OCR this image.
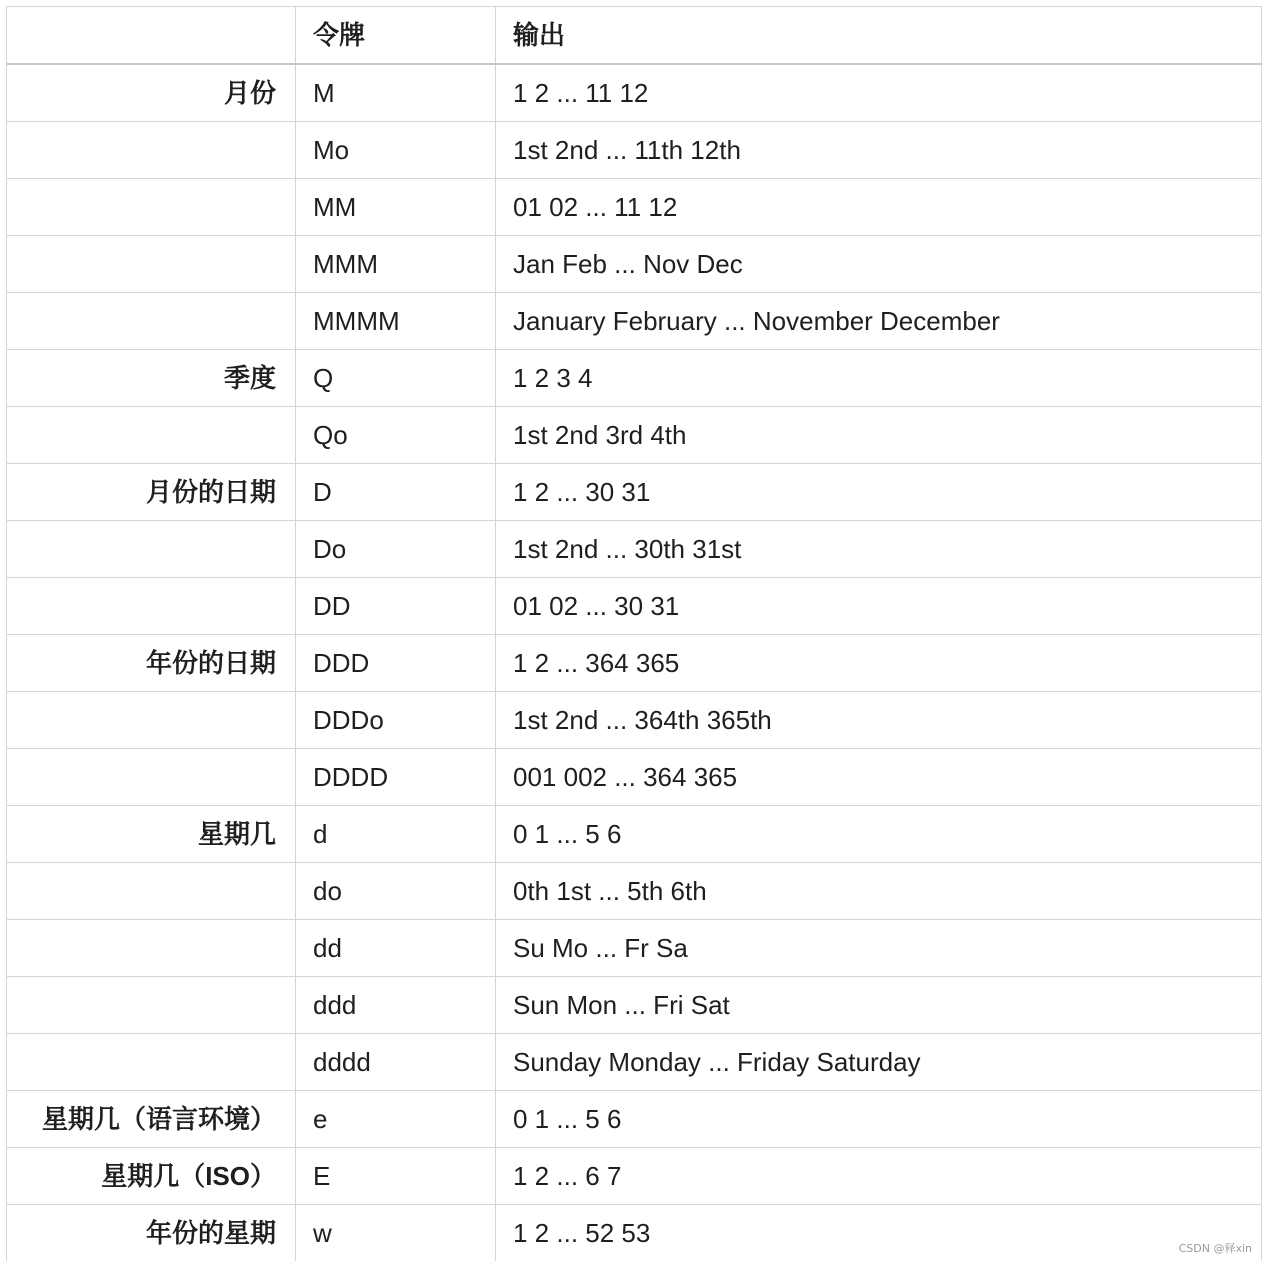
	令牌	输出
月份	M	1 2 ... 11 12
	Mo	1st 2nd ... 11th 12th
	MM	01 02 ... 11 12
	MMM	Jan Feb ... Nov Dec
	MMMM	January February ... November December
季度	Q	1 2 3 4
	Qo	1st 2nd 3rd 4th
月份的日期	D	1 2 ... 30 31
	Do	1st 2nd ... 30th 31st
	DD	01 02 ... 30 31
年份的日期	DDD	1 2 ... 364 365
	DDDo	1st 2nd ... 364th 365th
	DDDD	001 002 ... 364 365
星期几	d	0 1 ... 5 6
	do	0th 1st ... 5th 6th
	dd	Su Mo ... Fr Sa
	ddd	Sun Mon ... Fri Sat
	dddd	Sunday Monday ... Friday Saturday
星期几（语言环境）	e	0 1 ... 5 6
星期几（ISO）	E	1 2 ... 6 7
年份的星期	w	1 2 ... 52 53
CSDN @释xin
